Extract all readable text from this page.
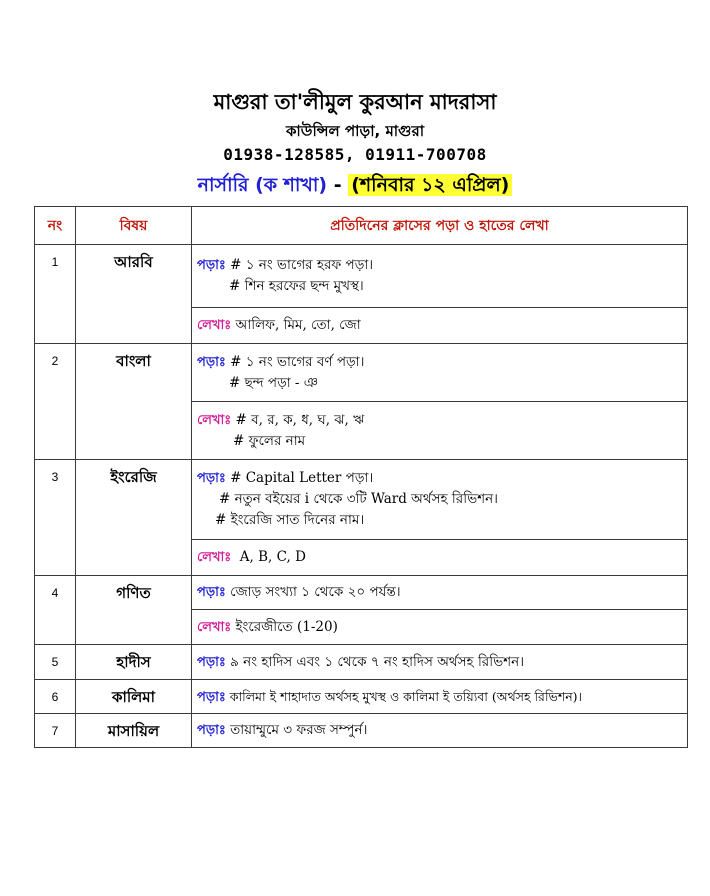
মাগুরা তা'লীমুল কুরআন মাদরাসা
কাউন্সিল পাড়া, মাগুরা
01938-128585, 01911-700708
নার্সারি (ক শাখা) - (শনিবার ১২ এপ্রিল)
নং	বিষয়	প্রতিদিনের ক্লাসের পড়া ও হাতের লেখা
1	আরবি	পড়াঃ # ১ নং ভাগের হরফ পড়া।
# শিন হরফের ছন্দ মুখস্থ।

		লেখাঃ আলিফ, মিম, তো, জো

2	বাংলা	পড়াঃ # ১ নং ভাগের বর্ণ পড়া।
# ছন্দ পড়া - ঞ

		লেখাঃ # ব, র, ক, ধ, ঘ, ঝ, ঋ
# ফুলের নাম

3	ইংরেজি	পড়াঃ # Capital Letter পড়া।
# নতুন বইয়ের i থেকে ৩টি Ward অর্থসহ রিভিশন।
# ইংরেজি সাত দিনের নাম।

		লেখাঃ A, B, C, D

4	গণিত	পড়াঃ জোড় সংখ্যা ১ থেকে ২০ পর্যন্ত।

		লেখাঃ ইংরেজীতে (1-20)

5	হাদীস	পড়াঃ ৯ নং হাদিস এবং ১ থেকে ৭ নং হাদিস অর্থসহ রিভিশন।

6	কালিমা	পড়াঃ কালিমা ই শাহাদাত অর্থসহ মুখস্থ ও কালিমা ই তয়্যিবা (অর্থসহ রিভিশন)।

7	মাসায়িল	পড়াঃ তায়াম্মুমে ৩ ফরজ সম্পুর্ন।
